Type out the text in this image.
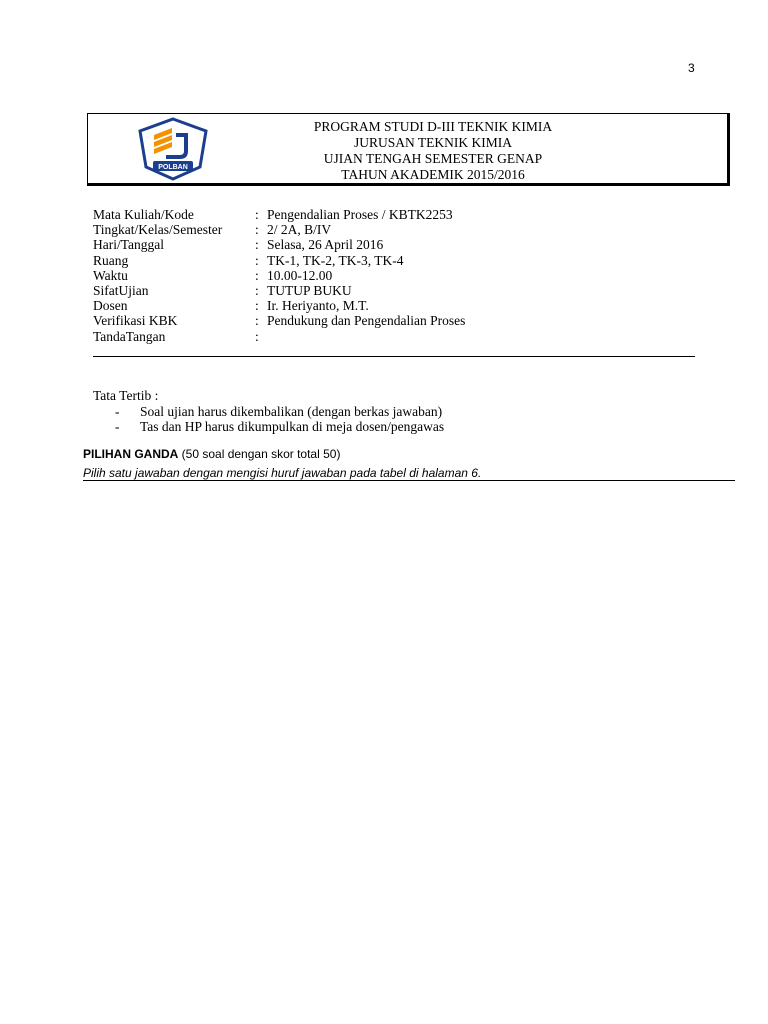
3
POLBAN
PROGRAM STUDI D-III TEKNIK KIMIA
JURUSAN TEKNIK KIMIA
UJIAN TENGAH SEMESTER GENAP
TAHUN AKADEMIK 2015/2016
Mata Kuliah/Kode	: Pengendalian Proses / KBTK2253
Tingkat/Kelas/Semester	: 2/ 2A, B/IV
Hari/Tanggal	: Selasa, 26 April 2016
Ruang	: TK-1, TK-2, TK-3, TK-4
Waktu	: 10.00-12.00
SifatUjian	: TUTUP BUKU
Dosen	: Ir. Heriyanto, M.T.
Verifikasi KBK	: Pendukung dan Pengendalian Proses
TandaTangan	:
Tata Tertib :
-	Soal ujian harus dikembalikan (dengan berkas jawaban)
-	Tas dan HP harus dikumpulkan di meja dosen/pengawas
PILIHAN GANDA (50 soal dengan skor total 50)
Pilih satu jawaban dengan mengisi huruf jawaban pada tabel di halaman 6.
